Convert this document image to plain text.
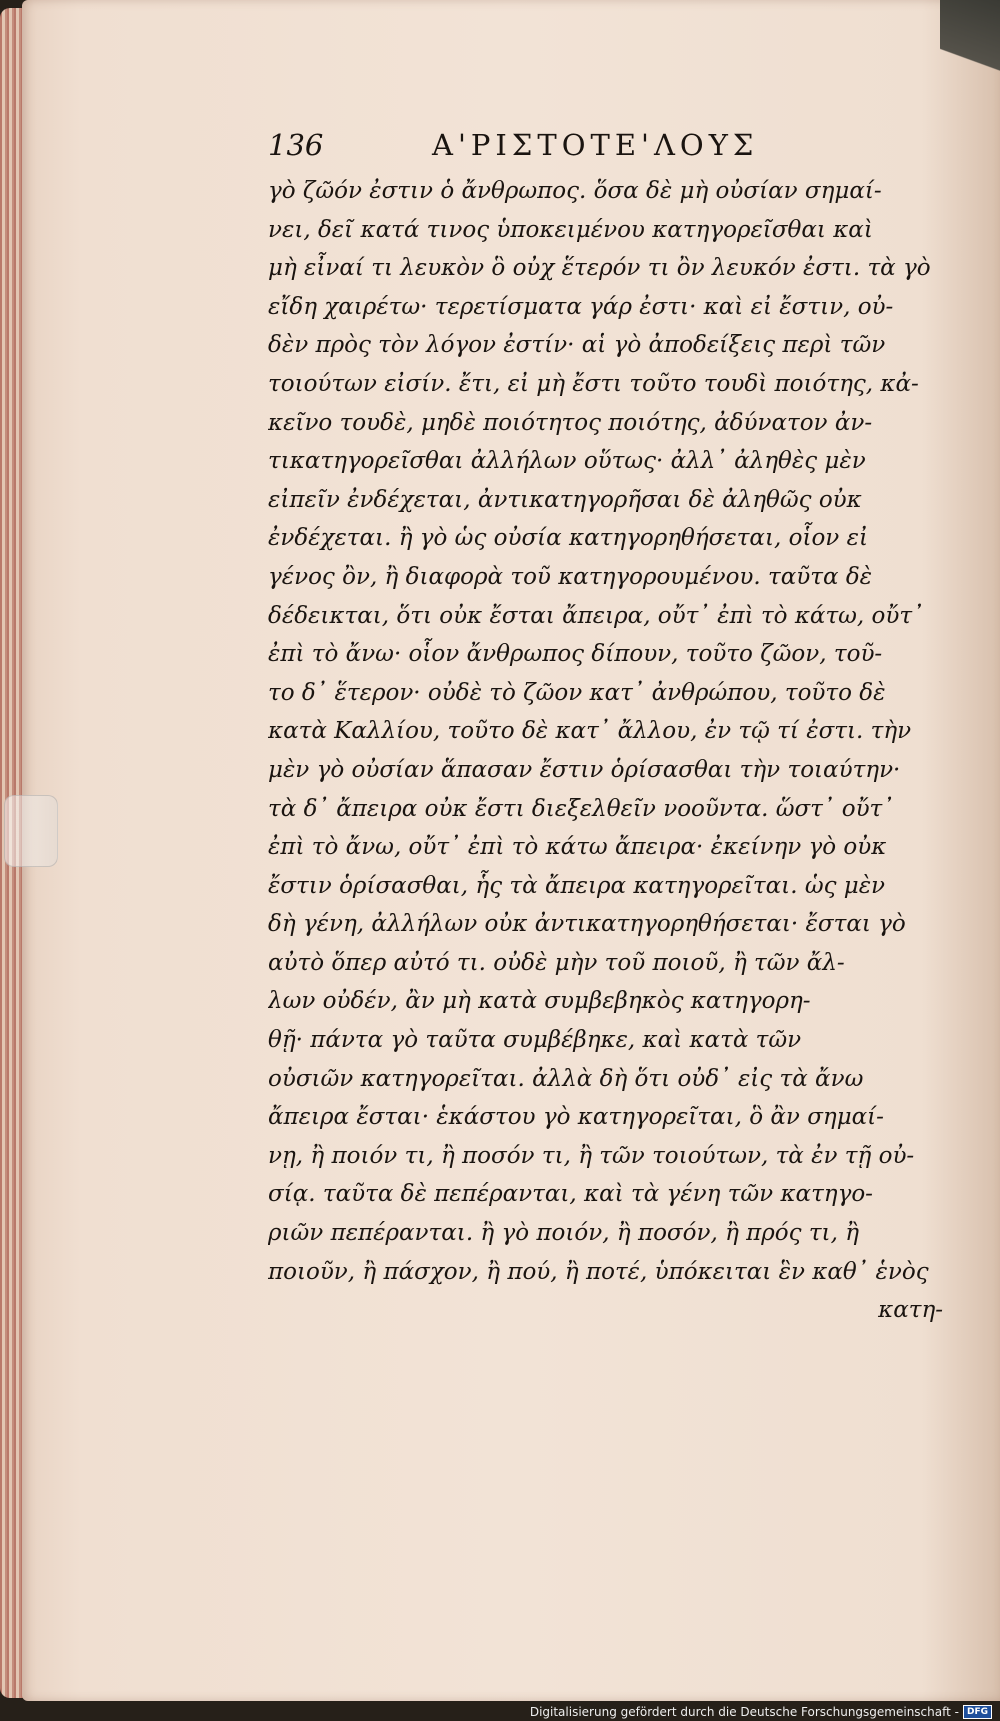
136	Α'ΡΙΣΤΟΤΕ'ΛΟΥΣ
γὸ ζῶόν ἐστιν ὁ ἄνθρωπος. ὅσα δὲ μὴ οὐσίαν σημαί-
νει, δεῖ κατά τινος ὑποκειμένου κατηγορεῖσθαι καὶ
μὴ εἶναί τι λευκὸν ὃ οὐχ ἕτερόν τι ὂν λευκόν ἐστι. τὰ γὸ
εἴδη χαιρέτω· τερετίσματα γάρ ἐστι· καὶ εἰ ἔστιν, οὐ-
δὲν πρὸς τὸν λόγον ἐστίν· αἱ γὸ ἀποδείξεις περὶ τῶν
τοιούτων εἰσίν. ἔτι, εἰ μὴ ἔστι τοῦτο τουδὶ ποιότης, κἀ-
κεῖνο τουδὲ, μηδὲ ποιότητος ποιότης, ἀδύνατον ἀν-
τικατηγορεῖσθαι ἀλλήλων οὕτως· ἀλλ᾽ ἀληθὲς μὲν
εἰπεῖν ἐνδέχεται, ἀντικατηγορῆσαι δὲ ἀληθῶς οὐκ
ἐνδέχεται. ἢ γὸ ὡς οὐσία κατηγορηθήσεται, οἷον εἰ
γένος ὂν, ἢ διαφορὰ τοῦ κατηγορουμένου. ταῦτα δὲ
δέδεικται, ὅτι οὐκ ἔσται ἄπειρα, οὔτ᾽ ἐπὶ τὸ κάτω, οὔτ᾽
ἐπὶ τὸ ἄνω· οἷον ἄνθρωπος δίπουν, τοῦτο ζῶον, τοῦ-
το δ᾽ ἕτερον· οὐδὲ τὸ ζῶον κατ᾽ ἀνθρώπου, τοῦτο δὲ
κατὰ Καλλίου, τοῦτο δὲ κατ᾽ ἄλλου, ἐν τῷ τί ἐστι. τὴν
μὲν γὸ οὐσίαν ἅπασαν ἔστιν ὁρίσασθαι τὴν τοιαύτην·
τὰ δ᾽ ἄπειρα οὐκ ἔστι διεξελθεῖν νοοῦντα. ὥστ᾽ οὔτ᾽
ἐπὶ τὸ ἄνω, οὔτ᾽ ἐπὶ τὸ κάτω ἄπειρα· ἐκείνην γὸ οὐκ
ἔστιν ὁρίσασθαι, ἧς τὰ ἄπειρα κατηγορεῖται. ὡς μὲν
δὴ γένη, ἀλλήλων οὐκ ἀντικατηγορηθήσεται· ἔσται γὸ
αὐτὸ ὅπερ αὐτό τι. οὐδὲ μὴν τοῦ ποιοῦ, ἢ τῶν ἄλ-
λων οὐδέν, ἂν μὴ κατὰ συμβεβηκὸς κατηγορη-
θῇ· πάντα γὸ ταῦτα συμβέβηκε, καὶ κατὰ τῶν
οὐσιῶν κατηγορεῖται. ἀλλὰ δὴ ὅτι οὐδ᾽ εἰς τὰ ἄνω
ἄπειρα ἔσται· ἑκάστου γὸ κατηγορεῖται, ὃ ἂν σημαί-
νῃ, ἢ ποιόν τι, ἢ ποσόν τι, ἢ τῶν τοιούτων, τὰ ἐν τῇ οὐ-
σίᾳ. ταῦτα δὲ πεπέρανται, καὶ τὰ γένη τῶν κατηγο-
ριῶν πεπέρανται. ἢ γὸ ποιόν, ἢ ποσόν, ἢ πρός τι, ἢ
ποιοῦν, ἢ πάσχον, ἢ πού, ἢ ποτέ, ὑπόκειται ἓν καθ᾽ ἑνὸς
κατη-
Digitalisierung gefördert durch die Deutsche Forschungsgemeinschaft - DFG
